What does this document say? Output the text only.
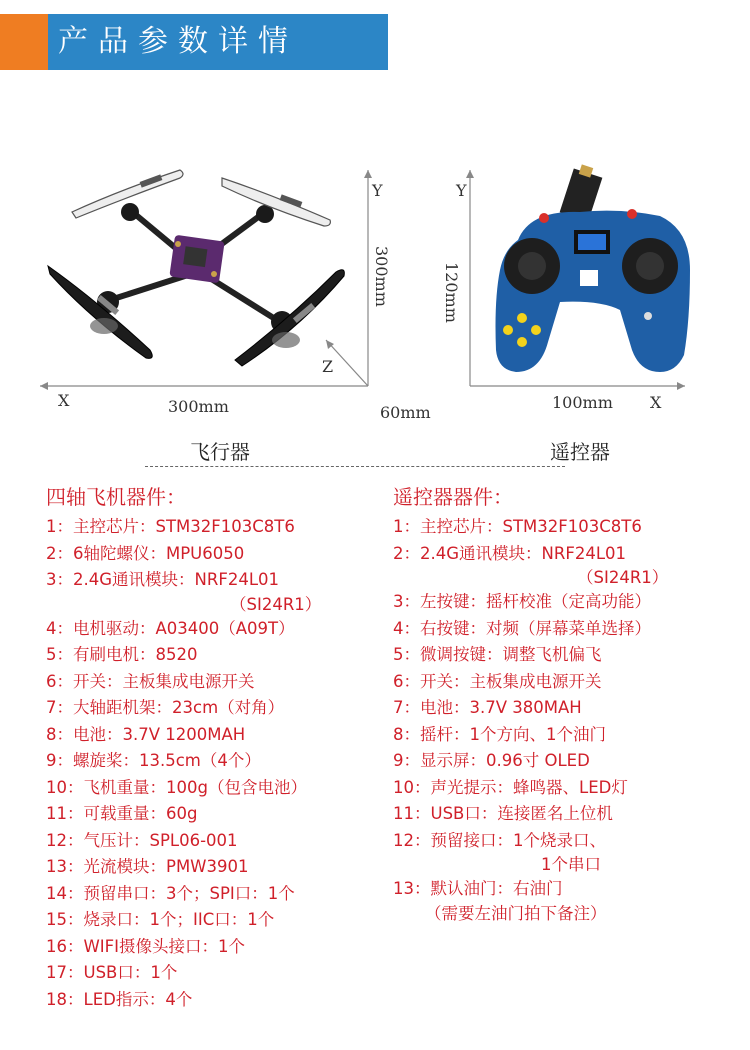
产品参数详情
X	300mm
Y
300mm
Z
60mm
Y
120mm
100mm X
飞行器	遥控器
四轴飞机器件：
1：主控芯片：STM32F103C8T6
2：6轴陀螺仪：MPU6050
3：2.4G通讯模块：NRF24L01
（SI24R1）
4：电机驱动：A03400（A09T）
5：有刷电机：8520
6：开关：主板集成电源开关
7：大轴距机架：23cm（对角）
8：电池：3.7V 1200MAH
9：螺旋桨：13.5cm（4个）
10：飞机重量：100g（包含电池）
11：可载重量：60g
12：气压计：SPL06-001
13：光流模块：PMW3901
14：预留串口：3个；SPI口：1个
15：烧录口：1个；IIC口：1个
16：WIFI摄像头接口：1个
17：USB口：1个
18：LED指示：4个
遥控器器件：
1：主控芯片：STM32F103C8T6
2：2.4G通讯模块：NRF24L01
（SI24R1）
3：左按键：摇杆校准（定高功能）
4：右按键：对频（屏幕菜单选择）
5：微调按键：调整飞机偏飞
6：开关：主板集成电源开关
7：电池：3.7V 380MAH
8：摇杆：1个方向、1个油门
9：显示屏：0.96寸 OLED
10：声光提示：蜂鸣器、LED灯
11：USB口：连接匿名上位机
12：预留接口：1个烧录口、
1个串口
13：默认油门：右油门
（需要左油门拍下备注）
